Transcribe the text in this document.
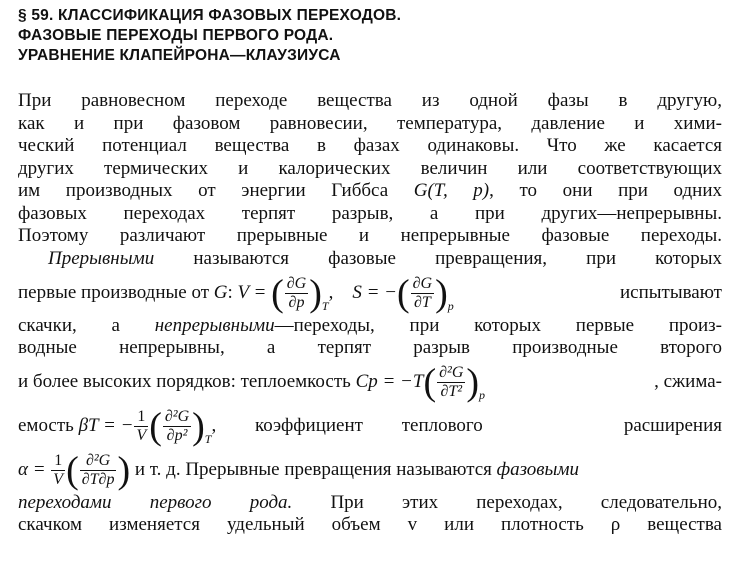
§ 59. КЛАССИФИКАЦИЯ ФАЗОВЫХ ПЕРЕХОДОВ.
ФАЗОВЫЕ ПЕРЕХОДЫ ПЕРВОГО РОДА.
УРАВНЕНИЕ КЛАПЕЙРОНА—КЛАУЗИУСА
При равновесном переходе вещества из одной фазы в другую,
как и при фазовом равновесии, температура, давление и хими-
ческий потенциал вещества в фазах одинаковы. Что же касается
других термических и калорических величин или соответствующих
им производных от энергии Гиббса G(T, p), то они при одних
фазовых переходах терпят разрыв, а при других—непрерывны.
Поэтому различают прерывные и непрерывные фазовые переходы.
Прерывными называются фазовые превращения, при которых
первые производные от G: V = ( $\frac{\partial G}{\partial p} )_T$,    S = −( $\frac{\partial G}{\partial T} )_p$
испытывают
скачки, а непрерывными—переходы, при которых первые произ-
водные непрерывны, а терпят разрыв производные второго
и более высоких порядков: теплоемкость $Cp = -T( \frac{\text{∂²G}}{\text{∂T²}} )_p$
, сжима-
емость βT = − $\frac{1}{V}$ ( $\frac{\text{∂²G}}{\text{∂p²}} )_T$, коэффициент теплового	расширения
$\alpha = \frac{1}{V}$ ( $\frac{\text{∂²G}}{\partial T\partial p}$ ) и т. д. Прерывные превращения называются фазовыми
переходами первого рода. При этих переходах, следовательно,
скачком изменяется удельный объем v или плотность ρ вещества
